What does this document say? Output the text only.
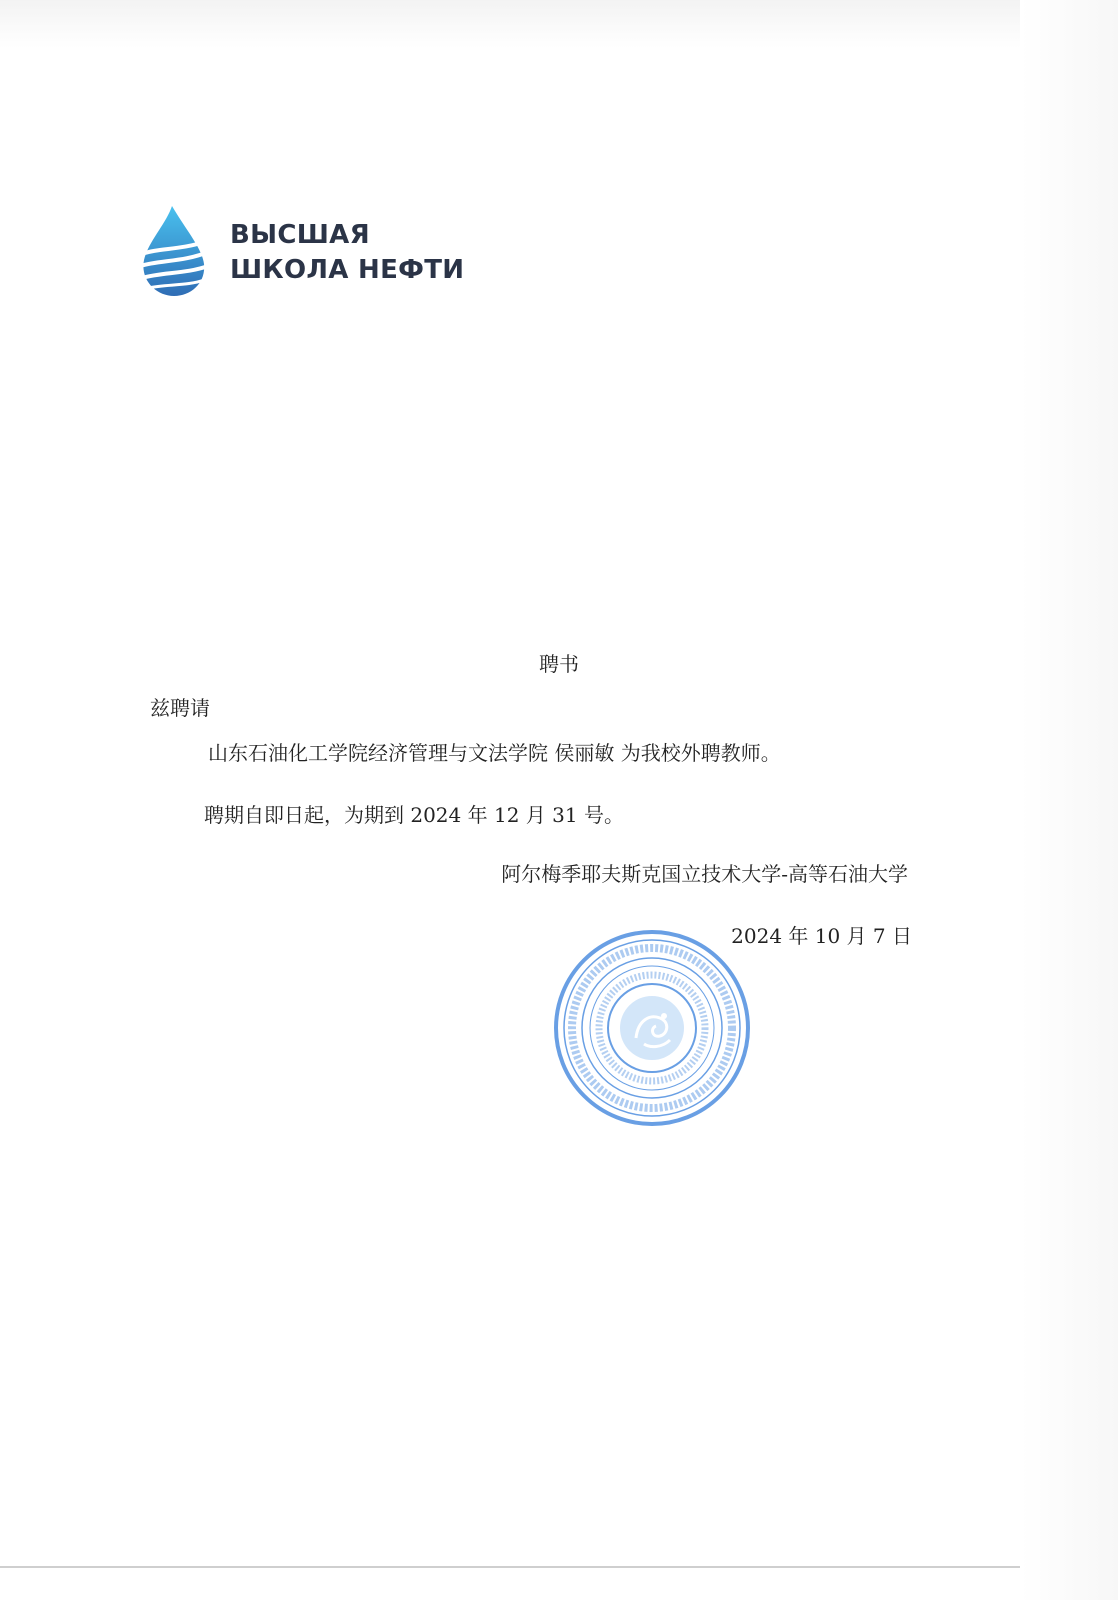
ВЫСШАЯ
ШКОЛА НЕФТИ
聘书
兹聘请
山东石油化工学院经济管理与文法学院 侯丽敏 为我校外聘教师。
聘期自即日起，为期到 2024 年 12 月 31 号。
阿尔梅季耶夫斯克国立技术大学-高等石油大学
2024 年 10 月 7 日
